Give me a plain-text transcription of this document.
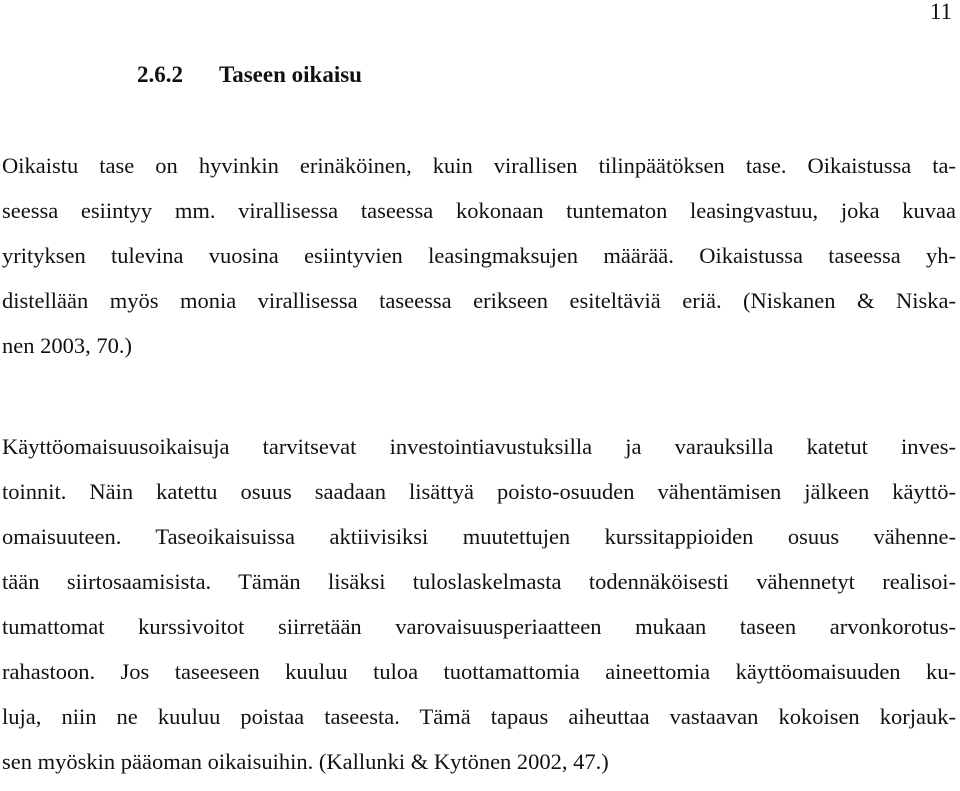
11
2.6.2 Taseen oikaisu
Oikaistu tase on hyvinkin erinäköinen, kuin virallisen tilinpäätöksen tase. Oikaistussa ta-
seessa esiintyy mm. virallisessa taseessa kokonaan tuntematon leasingvastuu, joka kuvaa
yrityksen tulevina vuosina esiintyvien leasingmaksujen määrää. Oikaistussa taseessa yh-
distellään myös monia virallisessa taseessa erikseen esiteltäviä eriä. (Niskanen & Niska-
nen 2003, 70.)
Käyttöomaisuusoikaisuja tarvitsevat investointiavustuksilla ja varauksilla katetut inves-
toinnit. Näin katettu osuus saadaan lisättyä poisto-osuuden vähentämisen jälkeen käyttö-
omaisuuteen. Taseoikaisuissa aktiivisiksi muutettujen kurssitappioiden osuus vähenne-
tään siirtosaamisista. Tämän lisäksi tuloslaskelmasta todennäköisesti vähennetyt realisoi-
tumattomat kurssivoitot siirretään varovaisuusperiaatteen mukaan taseen arvonkorotus-
rahastoon. Jos taseeseen kuuluu tuloa tuottamattomia aineettomia käyttöomaisuuden ku-
luja, niin ne kuuluu poistaa taseesta. Tämä tapaus aiheuttaa vastaavan kokoisen korjauk-
sen myöskin pääoman oikaisuihin. (Kallunki & Kytönen 2002, 47.)
